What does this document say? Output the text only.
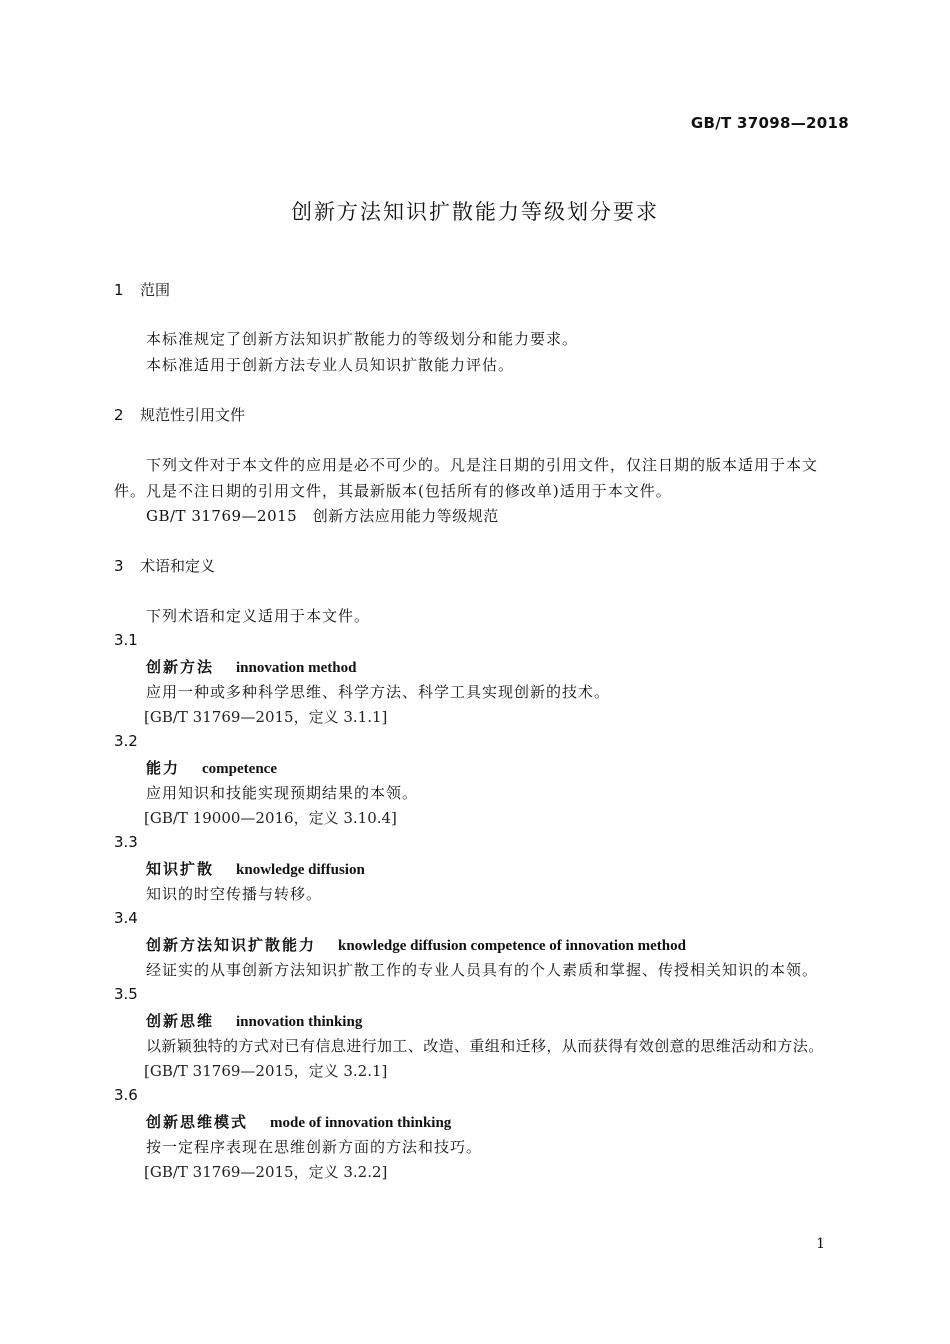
GB/T 37098—2018
创新方法知识扩散能力等级划分要求
1 范围
本标准规定了创新方法知识扩散能力的等级划分和能力要求。
本标准适用于创新方法专业人员知识扩散能力评估。
2 规范性引用文件
下列文件对于本文件的应用是必不可少的。凡是注日期的引用文件，仅注日期的版本适用于本文
件。凡是不注日期的引用文件，其最新版本(包括所有的修改单)适用于本文件。
GB/T 31769—2015　创新方法应用能力等级规范
3 术语和定义
下列术语和定义适用于本文件。
3.1
创新方法 innovation method
应用一种或多种科学思维、科学方法、科学工具实现创新的技术。
[GB/T 31769—2015，定义 3.1.1]
3.2
能力 competence
应用知识和技能实现预期结果的本领。
[GB/T 19000—2016，定义 3.10.4]
3.3
知识扩散 knowledge diffusion
知识的时空传播与转移。
3.4
创新方法知识扩散能力 knowledge diffusion competence of innovation method
经证实的从事创新方法知识扩散工作的专业人员具有的个人素质和掌握、传授相关知识的本领。
3.5
创新思维 innovation thinking
以新颖独特的方式对已有信息进行加工、改造、重组和迁移，从而获得有效创意的思维活动和方法。
[GB/T 31769—2015，定义 3.2.1]
3.6
创新思维模式 mode of innovation thinking
按一定程序表现在思维创新方面的方法和技巧。
[GB/T 31769—2015，定义 3.2.2]
1
